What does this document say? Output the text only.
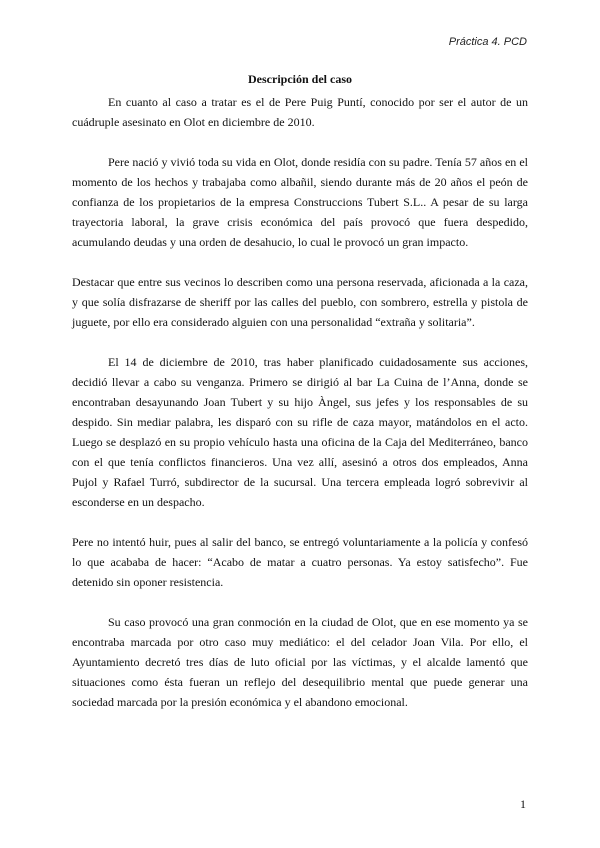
Práctica 4. PCD
Descripción del caso

En cuanto al caso a tratar es el de Pere Puig Puntí, conocido por ser el autor de un cuádruple asesinato en Olot en diciembre de 2010.

Pere nació y vivió toda su vida en Olot, donde residía con su padre. Tenía 57 años en el momento de los hechos y trabajaba como albañil, siendo durante más de 20 años el peón de confianza de los propietarios de la empresa Construccions Tubert S.L.. A pesar de su larga trayectoria laboral, la grave crisis económica del país provocó que fuera despedido, acumulando deudas y una orden de desahucio, lo cual le provocó un gran impacto.

Destacar que entre sus vecinos lo describen como una persona reservada, aficionada a la caza, y que solía disfrazarse de sheriff por las calles del pueblo, con sombrero, estrella y pistola de juguete, por ello era considerado alguien con una personalidad “extraña y solitaria”.

El 14 de diciembre de 2010, tras haber planificado cuidadosamente sus acciones, decidió llevar a cabo su venganza. Primero se dirigió al bar La Cuina de l’Anna, donde se encontraban desayunando Joan Tubert y su hijo Àngel, sus jefes y los responsables de su despido. Sin mediar palabra, les disparó con su rifle de caza mayor, matándolos en el acto. Luego se desplazó en su propio vehículo hasta una oficina de la Caja del Mediterráneo, banco con el que tenía conflictos financieros. Una vez allí, asesinó a otros dos empleados, Anna Pujol y Rafael Turró, subdirector de la sucursal. Una tercera empleada logró sobrevivir al esconderse en un despacho.

Pere no intentó huir, pues al salir del banco, se entregó voluntariamente a la policía y confesó lo que acababa de hacer: “Acabo de matar a cuatro personas. Ya estoy satisfecho”. Fue detenido sin oponer resistencia.

Su caso provocó una gran conmoción en la ciudad de Olot, que en ese momento ya se encontraba marcada por otro caso muy mediático: el del celador Joan Vila. Por ello, el Ayuntamiento decretó tres días de luto oficial por las víctimas, y el alcalde lamentó que situaciones como ésta fueran un reflejo del desequilibrio mental que puede generar una sociedad marcada por la presión económica y el abandono emocional.

1
